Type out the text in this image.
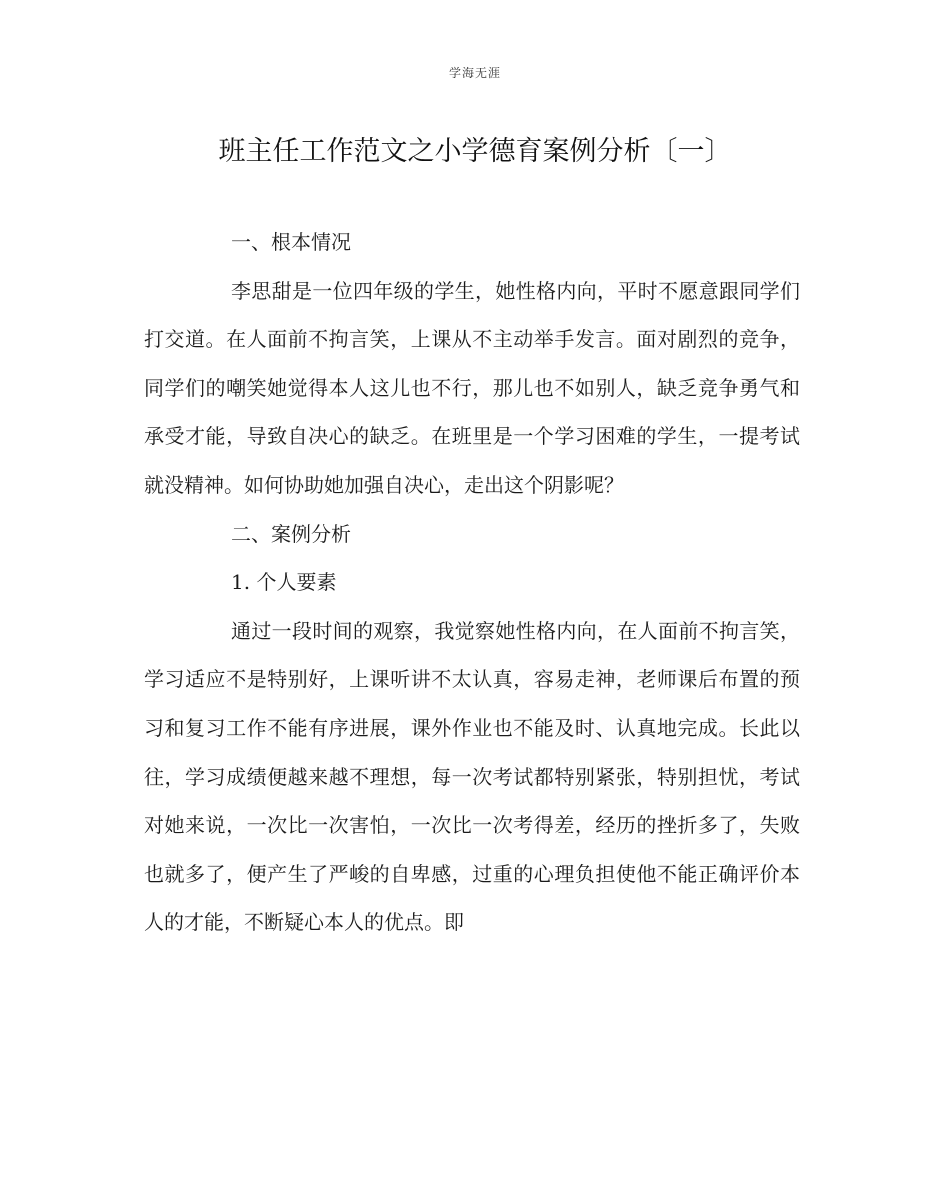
学海无涯
班主任工作范文之小学德育案例分析〔一〕

一、根本情况

李思甜是一位四年级的学生，她性格内向，平时不愿意跟同学们打交道。在人面前不拘言笑，上课从不主动举手发言。面对剧烈的竞争，同学们的嘲笑她觉得本人这儿也不行，那儿也不如别人，缺乏竞争勇气和承受才能，导致自决心的缺乏。在班里是一个学习困难的学生，一提考试就没精神。如何协助她加强自决心，走出这个阴影呢？

二、案例分析

1. 个人要素

通过一段时间的观察，我觉察她性格内向，在人面前不拘言笑，学习适应不是特别好，上课听讲不太认真，容易走神，老师课后布置的预习和复习工作不能有序进展，课外作业也不能及时、认真地完成。长此以往，学习成绩便越来越不理想，每一次考试都特别紧张，特别担忧，考试对她来说，一次比一次害怕，一次比一次考得差，经历的挫折多了，失败也就多了，便产生了严峻的自卑感，过重的心理负担使他不能正确评价本人的才能，不断疑心本人的优点。即
